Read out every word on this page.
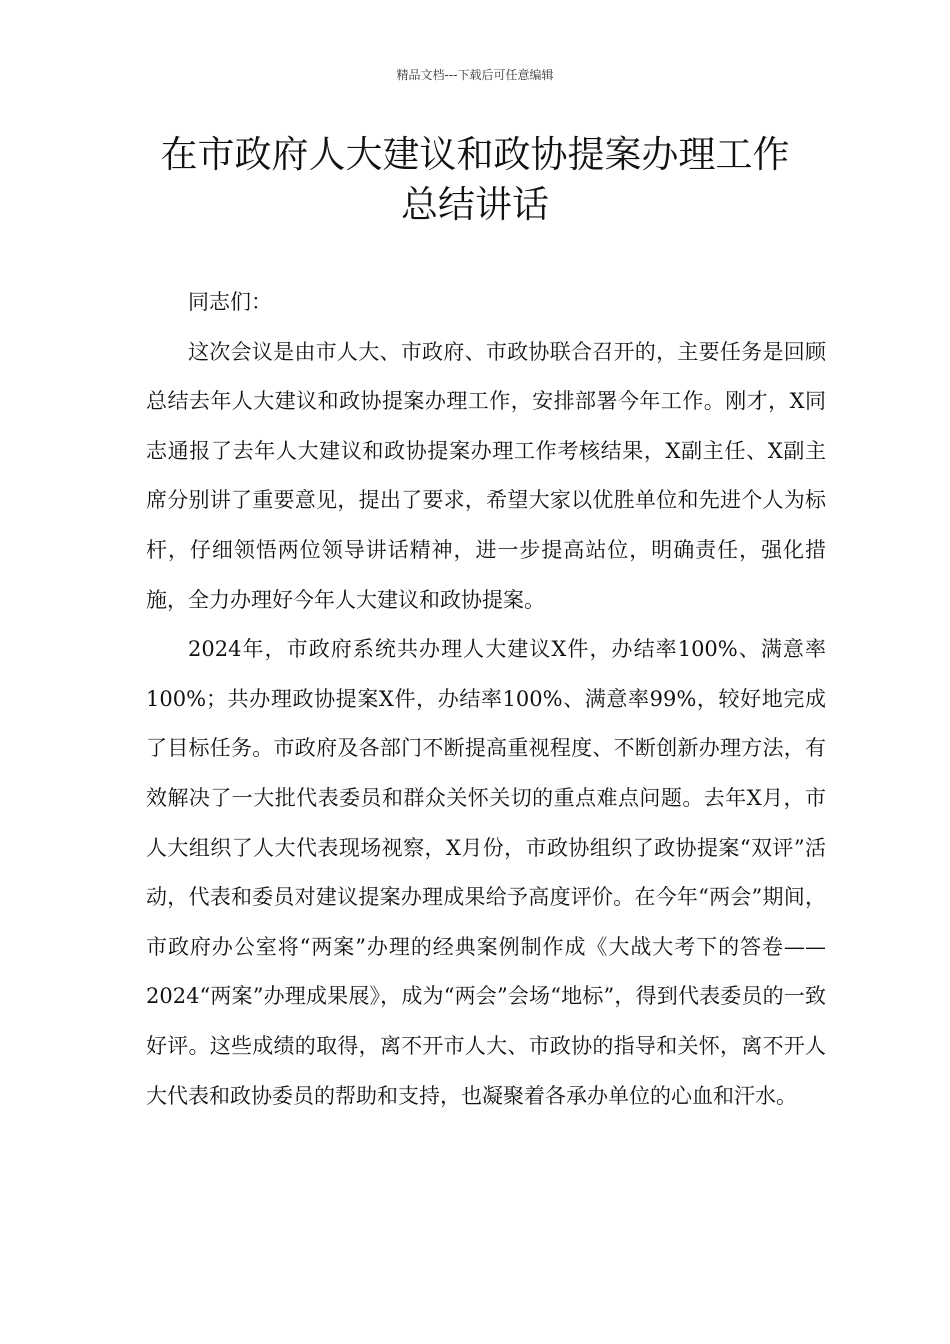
精品文档---下载后可任意编辑
在市政府人大建议和政协提案办理工作
总结讲话

同志们：

这次会议是由市人大、市政府、市政协联合召开的，主要任务是回顾总结去年人大建议和政协提案办理工作，安排部署今年工作。刚才，X同志通报了去年人大建议和政协提案办理工作考核结果，X副主任、X副主席分别讲了重要意见，提出了要求，希望大家以优胜单位和先进个人为标杆，仔细领悟两位领导讲话精神，进一步提高站位，明确责任，强化措施，全力办理好今年人大建议和政协提案。

2024年，市政府系统共办理人大建议X件，办结率100%、满意率100%；共办理政协提案X件，办结率100%、满意率99%，较好地完成了目标任务。市政府及各部门不断提高重视程度、不断创新办理方法，有效解决了一大批代表委员和群众关怀关切的重点难点问题。去年X月，市人大组织了人大代表现场视察，X月份，市政协组织了政协提案“双评”活动，代表和委员对建议提案办理成果给予高度评价。在今年“两会”期间，市政府办公室将“两案”办理的经典案例制作成《大战大考下的答卷——2024“两案”办理成果展》，成为“两会”会场“地标”，得到代表委员的一致好评。这些成绩的取得，离不开市人大、市政协的指导和关怀，离不开人大代表和政协委员的帮助和支持，也凝聚着各承办单位的心血和汗水。
